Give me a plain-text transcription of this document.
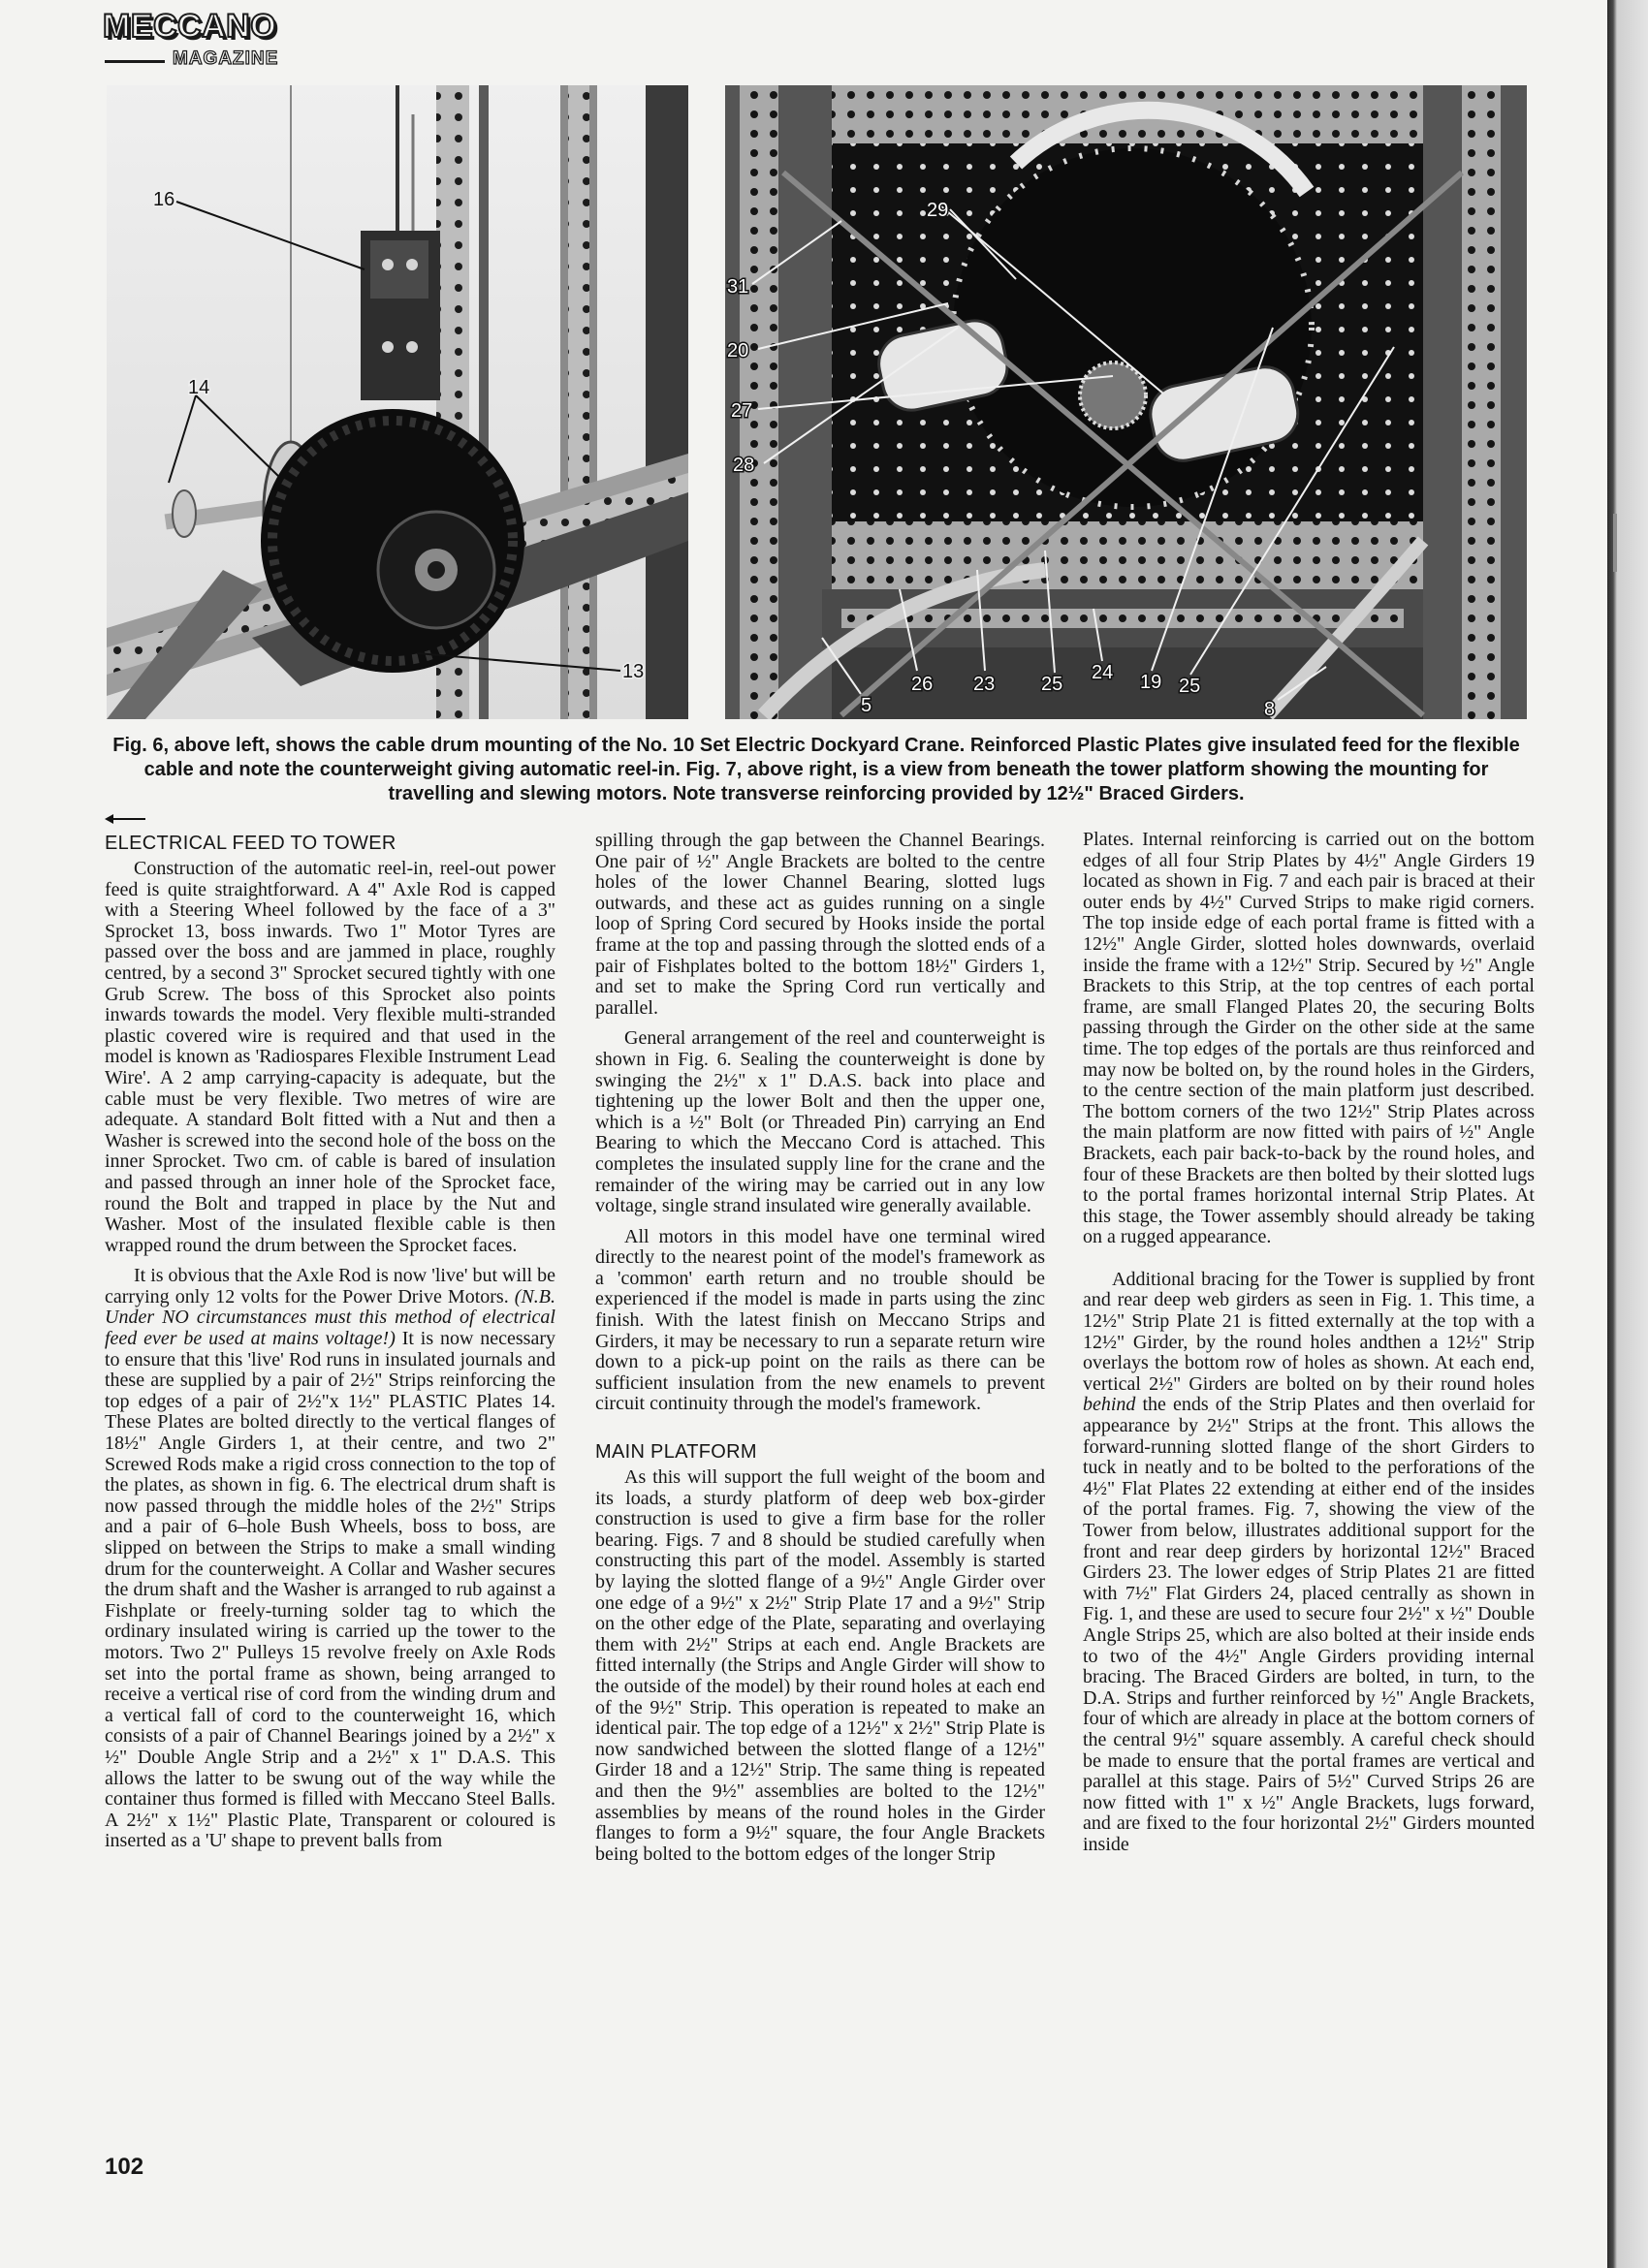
MECCANO
MAGAZINE
16
14
13
29
31
20
27
28
5
26 23 25
24 19 25
8
Fig. 6, above left, shows the cable drum mounting of the No. 10 Set Electric Dockyard Crane. Reinforced Plastic Plates give insulated feed for the flexible cable and note the counterweight giving automatic reel-in. Fig. 7, above right, is a view from beneath the tower platform showing the mounting for travelling and slewing motors. Note transverse reinforcing provided by 12½" Braced Girders.
ELECTRICAL FEED TO TOWER

Construction of the automatic reel-in, reel-out power feed is quite straightforward. A 4" Axle Rod is capped with a Steering Wheel followed by the face of a 3" Sprocket 13, boss inwards. Two 1" Motor Tyres are passed over the boss and are jammed in place, roughly centred, by a second 3" Sprocket secured tightly with one Grub Screw. The boss of this Sprocket also points inwards towards the model. Very flexible multi-stranded plastic covered wire is required and that used in the model is known as 'Radiospares Flexible Instrument Lead Wire'. A 2 amp carrying-capacity is adequate, but the cable must be very flexible. Two metres of wire are adequate. A standard Bolt fitted with a Nut and then a Washer is screwed into the second hole of the boss on the inner Sprocket. Two cm. of cable is bared of insulation and passed through an inner hole of the Sprocket face, round the Bolt and trapped in place by the Nut and Washer. Most of the insulated flexible cable is then wrapped round the drum between the Sprocket faces.

It is obvious that the Axle Rod is now 'live' but will be carrying only 12 volts for the Power Drive Motors. (N.B. Under NO circumstances must this method of electrical feed ever be used at mains voltage!) It is now necessary to ensure that this 'live' Rod runs in insulated journals and these are supplied by a pair of 2½" Strips reinforcing the top edges of a pair of 2½"x 1½" PLASTIC Plates 14. These Plates are bolted directly to the vertical flanges of 18½" Angle Girders 1, at their centre, and two 2" Screwed Rods make a rigid cross connection to the top of the plates, as shown in fig. 6. The electrical drum shaft is now passed through the middle holes of the 2½" Strips and a pair of 6–hole Bush Wheels, boss to boss, are slipped on between the Strips to make a small winding drum for the counterweight. A Collar and Washer secures the drum shaft and the Washer is arranged to rub against a Fishplate or freely-turning solder tag to which the ordinary insulated wiring is carried up the tower to the motors. Two 2" Pulleys 15 revolve freely on Axle Rods set into the portal frame as shown, being arranged to receive a vertical rise of cord from the winding drum and a vertical fall of cord to the counterweight 16, which consists of a pair of Channel Bearings joined by a 2½" x ½" Double Angle Strip and a 2½" x 1" D.A.S. This allows the latter to be swung out of the way while the container thus formed is filled with Meccano Steel Balls. A 2½" x 1½" Plastic Plate, Transparent or coloured is inserted as a 'U' shape to prevent balls from

spilling through the gap between the Channel Bearings. One pair of ½" Angle Brackets are bolted to the centre holes of the lower Channel Bearing, slotted lugs outwards, and these act as guides running on a single loop of Spring Cord secured by Hooks inside the portal frame at the top and passing through the slotted ends of a pair of Fishplates bolted to the bottom 18½" Girders 1, and set to make the Spring Cord run vertically and parallel.

General arrangement of the reel and counterweight is shown in Fig. 6. Sealing the counterweight is done by swinging the 2½" x 1" D.A.S. back into place and tightening up the lower Bolt and then the upper one, which is a ½" Bolt (or Threaded Pin) carrying an End Bearing to which the Meccano Cord is attached. This completes the insulated supply line for the crane and the remainder of the wiring may be carried out in any low voltage, single strand insulated wire generally available.

All motors in this model have one terminal wired directly to the nearest point of the model's framework as a 'common' earth return and no trouble should be experienced if the model is made in parts using the zinc finish. With the latest finish on Meccano Strips and Girders, it may be necessary to run a separate return wire down to a pick-up point on the rails as there can be sufficient insulation from the new enamels to prevent circuit continuity through the model's framework.

MAIN PLATFORM

As this will support the full weight of the boom and its loads, a sturdy platform of deep web box-girder construction is used to give a firm base for the roller bearing. Figs. 7 and 8 should be studied carefully when constructing this part of the model. Assembly is started by laying the slotted flange of a 9½" Angle Girder over one edge of a 9½" x 2½" Strip Plate 17 and a 9½" Strip on the other edge of the Plate, separating and overlaying them with 2½" Strips at each end. Angle Brackets are fitted internally (the Strips and Angle Girder will show to the outside of the model) by their round holes at each end of the 9½" Strip. This operation is repeated to make an identical pair. The top edge of a 12½" x 2½" Strip Plate is now sandwiched between the slotted flange of a 12½" Girder 18 and a 12½" Strip. The same thing is repeated and then the 9½" assemblies are bolted to the 12½" assemblies by means of the round holes in the Girder flanges to form a 9½" square, the four Angle Brackets being bolted to the bottom edges of the longer Strip

Plates. Internal reinforcing is carried out on the bottom edges of all four Strip Plates by 4½" Angle Girders 19 located as shown in Fig. 7 and each pair is braced at their outer ends by 4½" Curved Strips to make rigid corners. The top inside edge of each portal frame is fitted with a 12½" Angle Girder, slotted holes downwards, overlaid inside the frame with a 12½" Strip. Secured by ½" Angle Brackets to this Strip, at the top centres of each portal frame, are small Flanged Plates 20, the securing Bolts passing through the Girder on the other side at the same time. The top edges of the portals are thus reinforced and may now be bolted on, by the round holes in the Girders, to the centre section of the main platform just described. The bottom corners of the two 12½" Strip Plates across the main platform are now fitted with pairs of ½" Angle Brackets, each pair back-to-back by the round holes, and four of these Brackets are then bolted by their slotted lugs to the portal frames horizontal internal Strip Plates. At this stage, the Tower assembly should already be taking on a rugged appearance.

Additional bracing for the Tower is supplied by front and rear deep web girders as seen in Fig. 1. This time, a 12½" Strip Plate 21 is fitted externally at the top with a 12½" Girder, by the round holes andthen a 12½" Strip overlays the bottom row of holes as shown. At each end, vertical 2½" Girders are bolted on by their round holes behind the ends of the Strip Plates and then overlaid for appearance by 2½" Strips at the front. This allows the forward-running slotted flange of the short Girders to tuck in neatly and to be bolted to the perforations of the 4½" Flat Plates 22 extending at either end of the insides of the portal frames. Fig. 7, showing the view of the Tower from below, illustrates additional support for the front and rear deep girders by horizontal 12½" Braced Girders 23. The lower edges of Strip Plates 21 are fitted with 7½" Flat Girders 24, placed centrally as shown in Fig. 1, and these are used to secure four 2½" x ½" Double Angle Strips 25, which are also bolted at their inside ends to two of the 4½" Angle Girders providing internal bracing. The Braced Girders are bolted, in turn, to the D.A. Strips and further reinforced by ½" Angle Brackets, four of which are already in place at the bottom corners of the central 9½" square assembly. A careful check should be made to ensure that the portal frames are vertical and parallel at this stage. Pairs of 5½" Curved Strips 26 are now fitted with 1" x ½" Angle Brackets, lugs forward, and are fixed to the four horizontal 2½" Girders mounted inside

102
